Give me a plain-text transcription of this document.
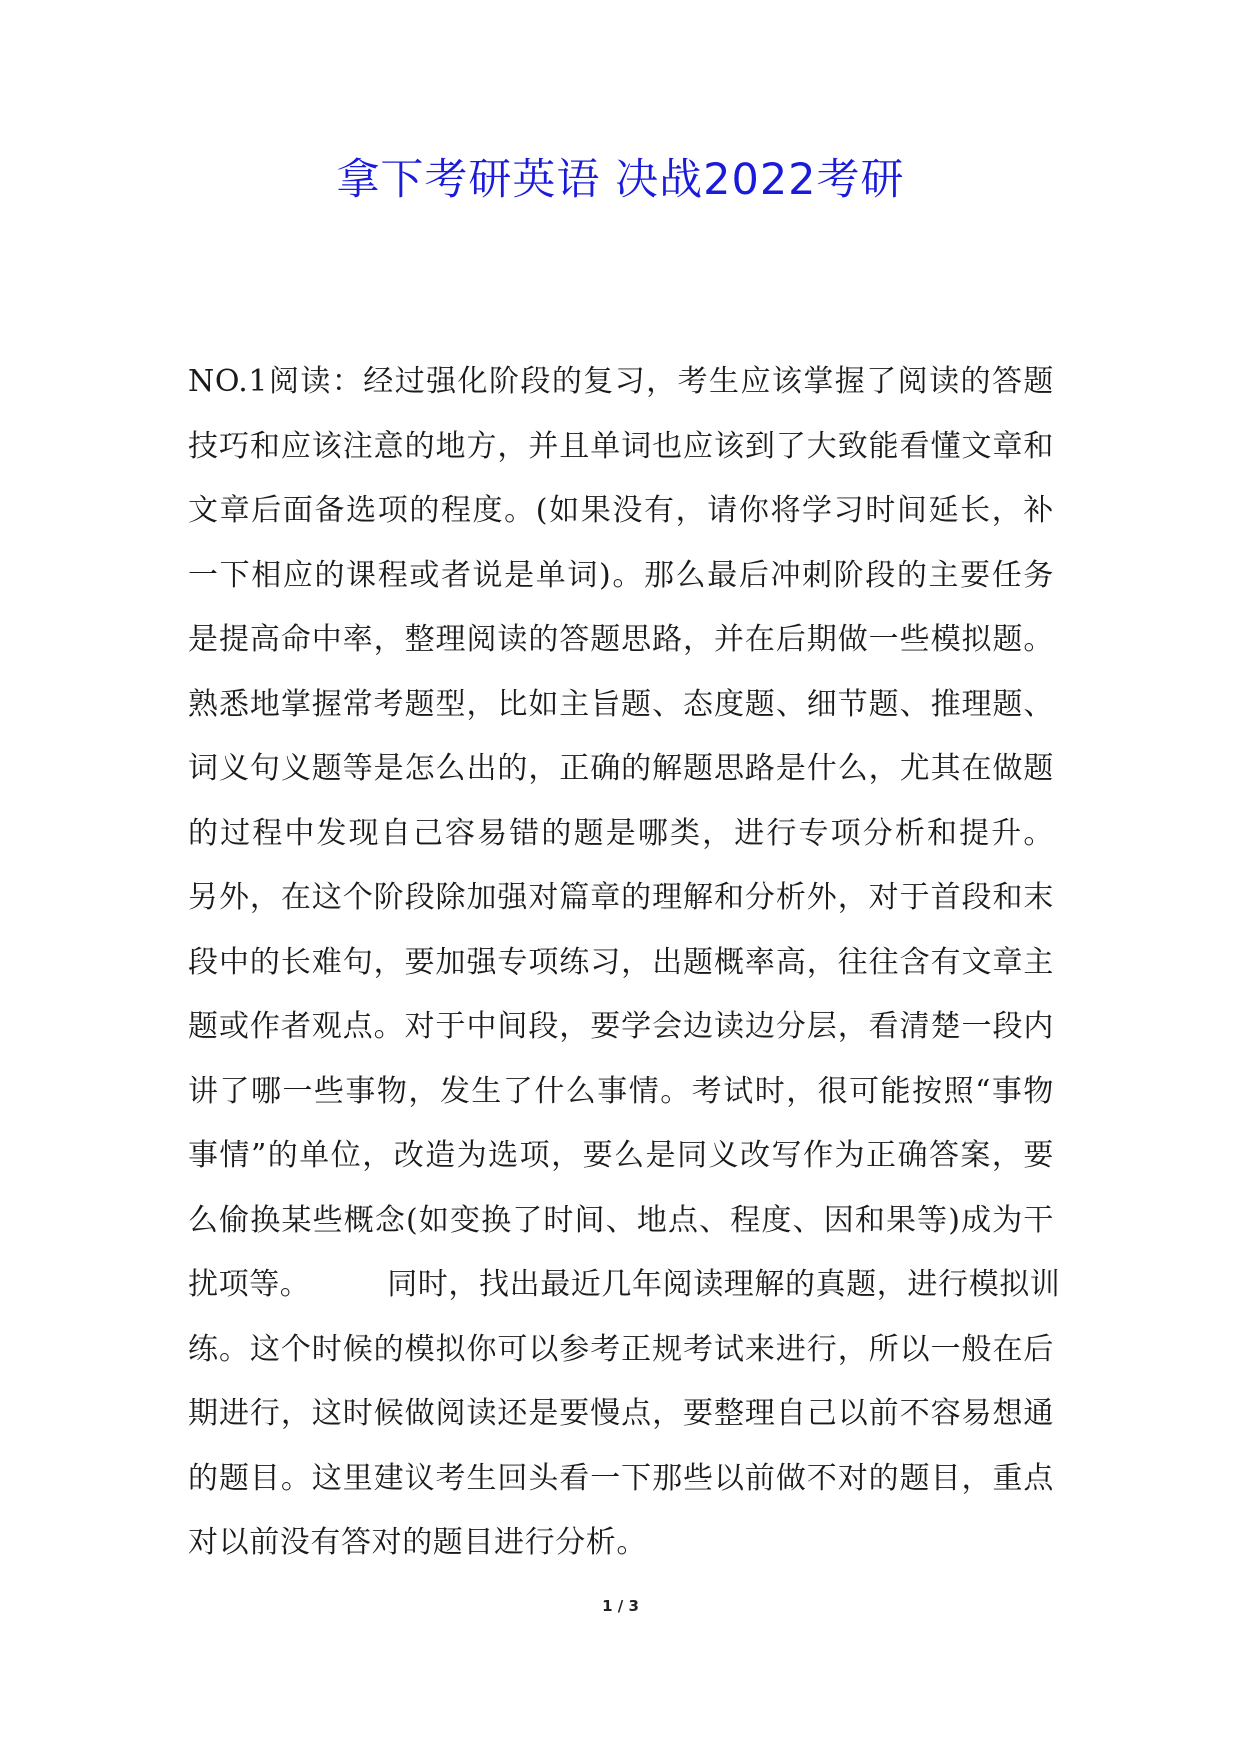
拿下考研英语 决战2022考研
NO.1阅读：经过强化阶段的复习，考生应该掌握了阅读的答题
技巧和应该注意的地方，并且单词也应该到了大致能看懂文章和
文章后面备选项的程度。(如果没有，请你将学习时间延长，补
一下相应的课程或者说是单词)。那么最后冲刺阶段的主要任务
是提高命中率，整理阅读的答题思路，并在后期做一些模拟题。
熟悉地掌握常考题型，比如主旨题、态度题、细节题、推理题、
词义句义题等是怎么出的，正确的解题思路是什么，尤其在做题
的过程中发现自己容易错的题是哪类，进行专项分析和提升。
另外，在这个阶段除加强对篇章的理解和分析外，对于首段和末
段中的长难句，要加强专项练习，出题概率高，往往含有文章主
题或作者观点。对于中间段，要学会边读边分层，看清楚一段内
讲了哪一些事物，发生了什么事情。考试时，很可能按照“事物
事情”的单位，改造为选项，要么是同义改写作为正确答案，要
么偷换某些概念(如变换了时间、地点、程度、因和果等)成为干
扰项等。　　　同时，找出最近几年阅读理解的真题，进行模拟训
练。这个时候的模拟你可以参考正规考试来进行，所以一般在后
期进行，这时候做阅读还是要慢点，要整理自己以前不容易想通
的题目。这里建议考生回头看一下那些以前做不对的题目，重点
对以前没有答对的题目进行分析。
1 / 3
